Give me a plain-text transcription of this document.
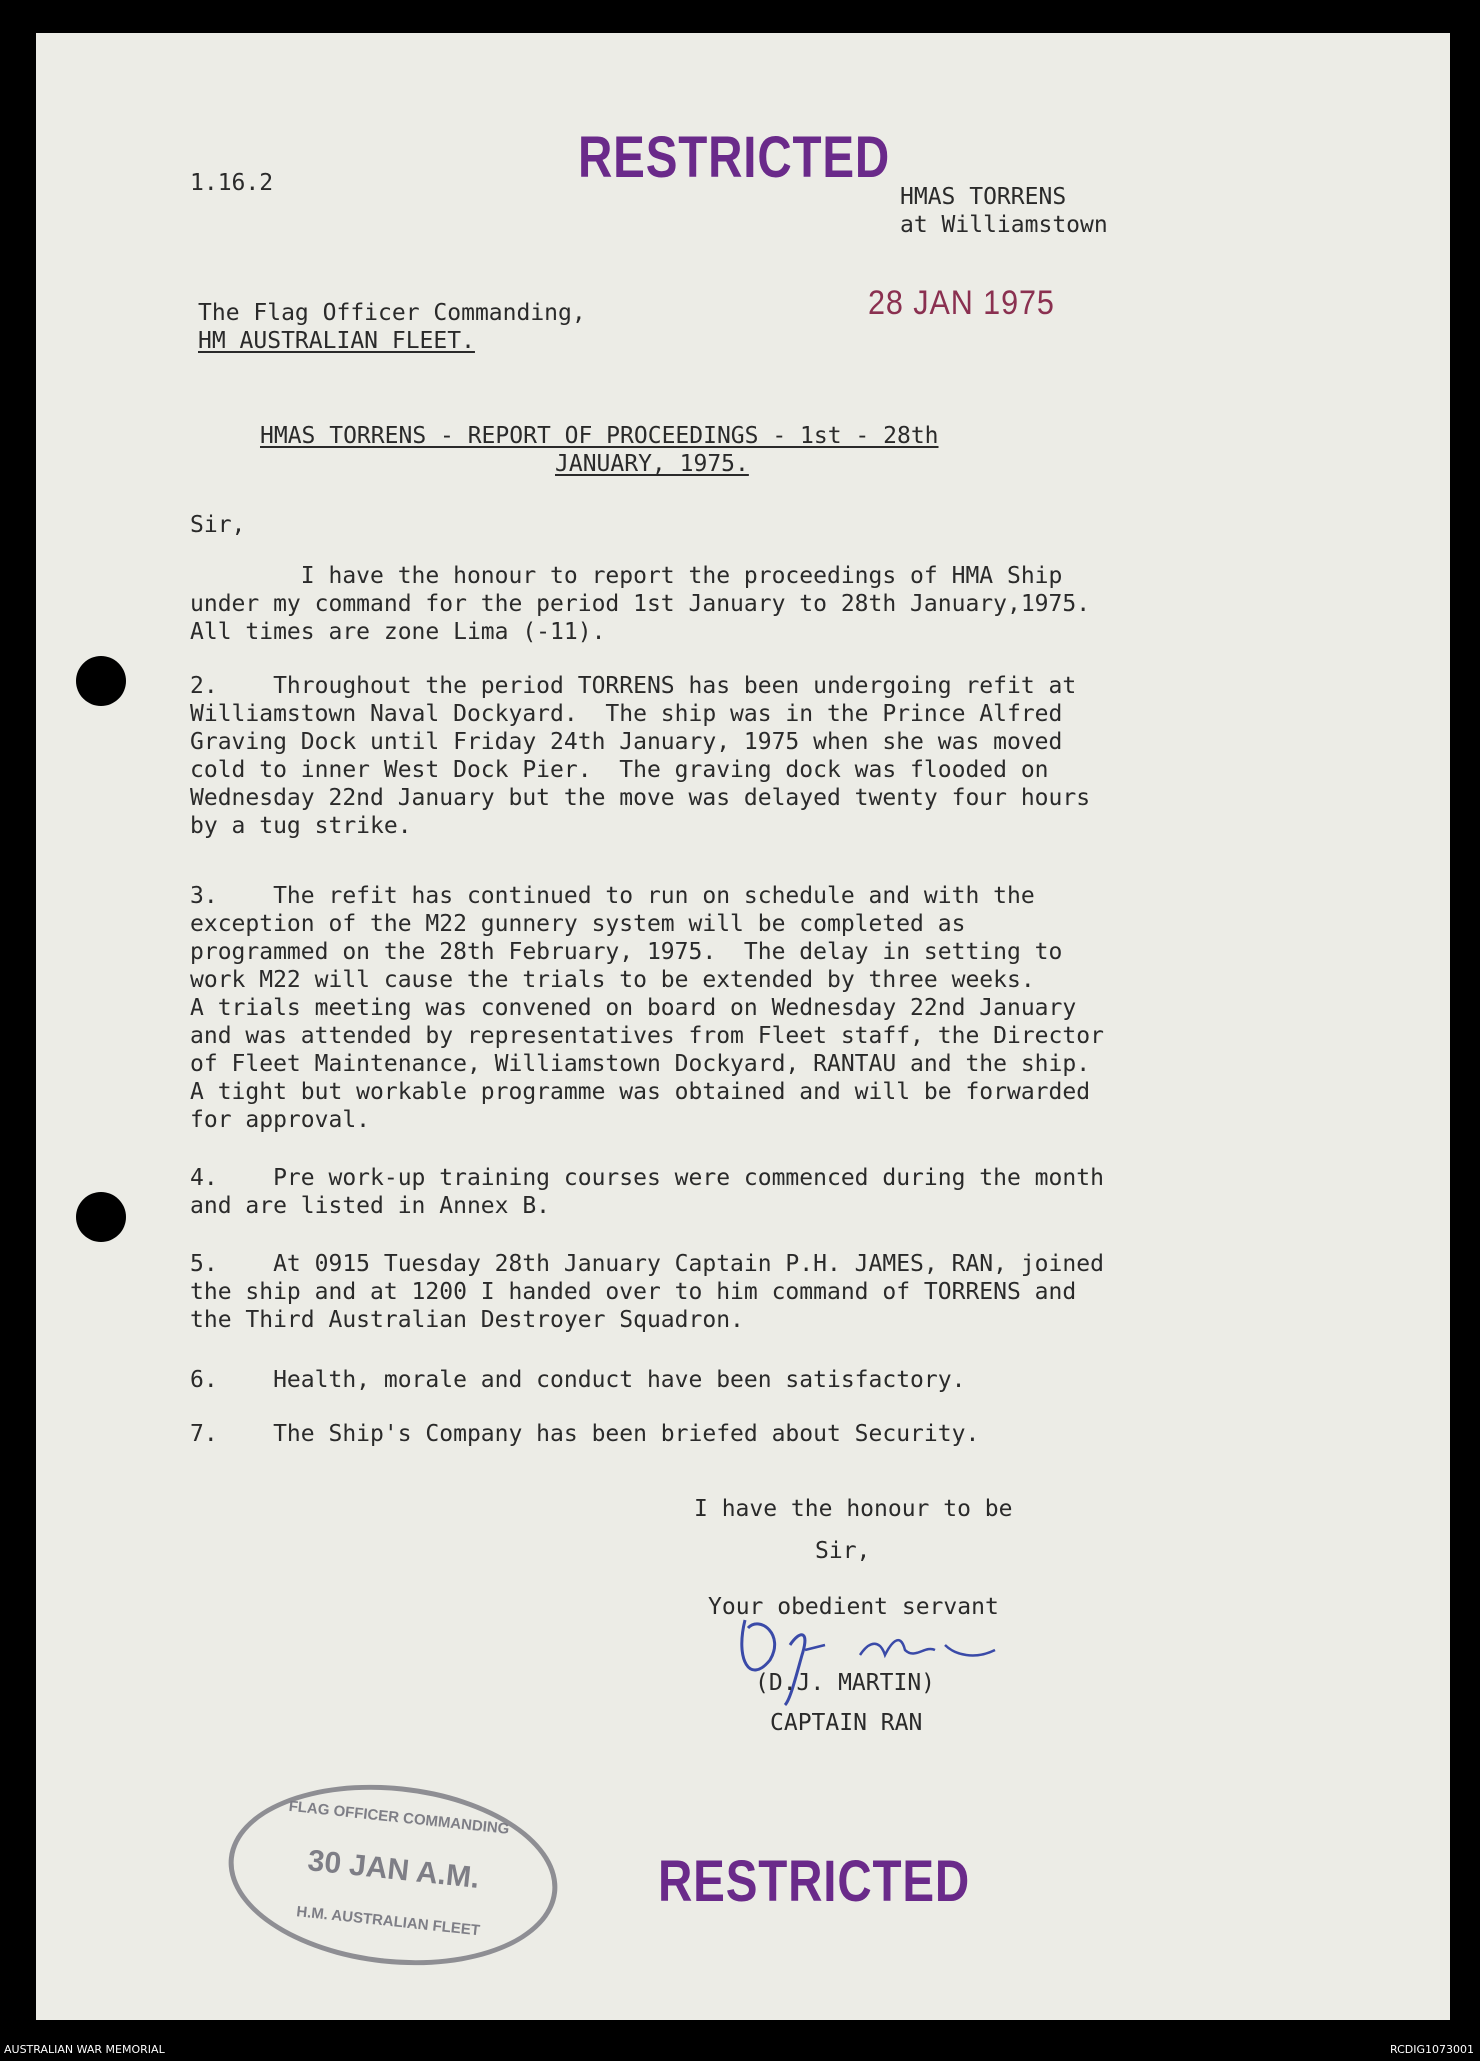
RESTRICTED
1.16.2
HMAS TORRENS
at Williamstown
28 JAN 1975
The Flag Officer Commanding,
HM AUSTRALIAN FLEET.
HMAS TORRENS - REPORT OF PROCEEDINGS - 1st - 28th
JANUARY, 1975.
Sir,
I have the honour to report the proceedings of HMA Ship
under my command for the period 1st January to 28th January,1975.
All times are zone Lima (-11).
2.    Throughout the period TORRENS has been undergoing refit at
Williamstown Naval Dockyard.  The ship was in the Prince Alfred
Graving Dock until Friday 24th January, 1975 when she was moved
cold to inner West Dock Pier.  The graving dock was flooded on
Wednesday 22nd January but the move was delayed twenty four hours
by a tug strike.
3.    The refit has continued to run on schedule and with the
exception of the M22 gunnery system will be completed as
programmed on the 28th February, 1975.  The delay in setting to
work M22 will cause the trials to be extended by three weeks.
A trials meeting was convened on board on Wednesday 22nd January
and was attended by representatives from Fleet staff, the Director
of Fleet Maintenance, Williamstown Dockyard, RANTAU and the ship.
A tight but workable programme was obtained and will be forwarded
for approval.
4.    Pre work-up training courses were commenced during the month
and are listed in Annex B.
5.    At 0915 Tuesday 28th January Captain P.H. JAMES, RAN, joined
the ship and at 1200 I handed over to him command of TORRENS and
the Third Australian Destroyer Squadron.
6.    Health, morale and conduct have been satisfactory.
7.    The Ship's Company has been briefed about Security.
I have the honour to be
Sir,
Your obedient servant
(D.J. MARTIN)
CAPTAIN RAN
FLAG OFFICER COMMANDING
30 JAN A.M.
H.M. AUSTRALIAN FLEET
RESTRICTED
AUSTRALIAN WAR MEMORIAL	RCDIG1073001
